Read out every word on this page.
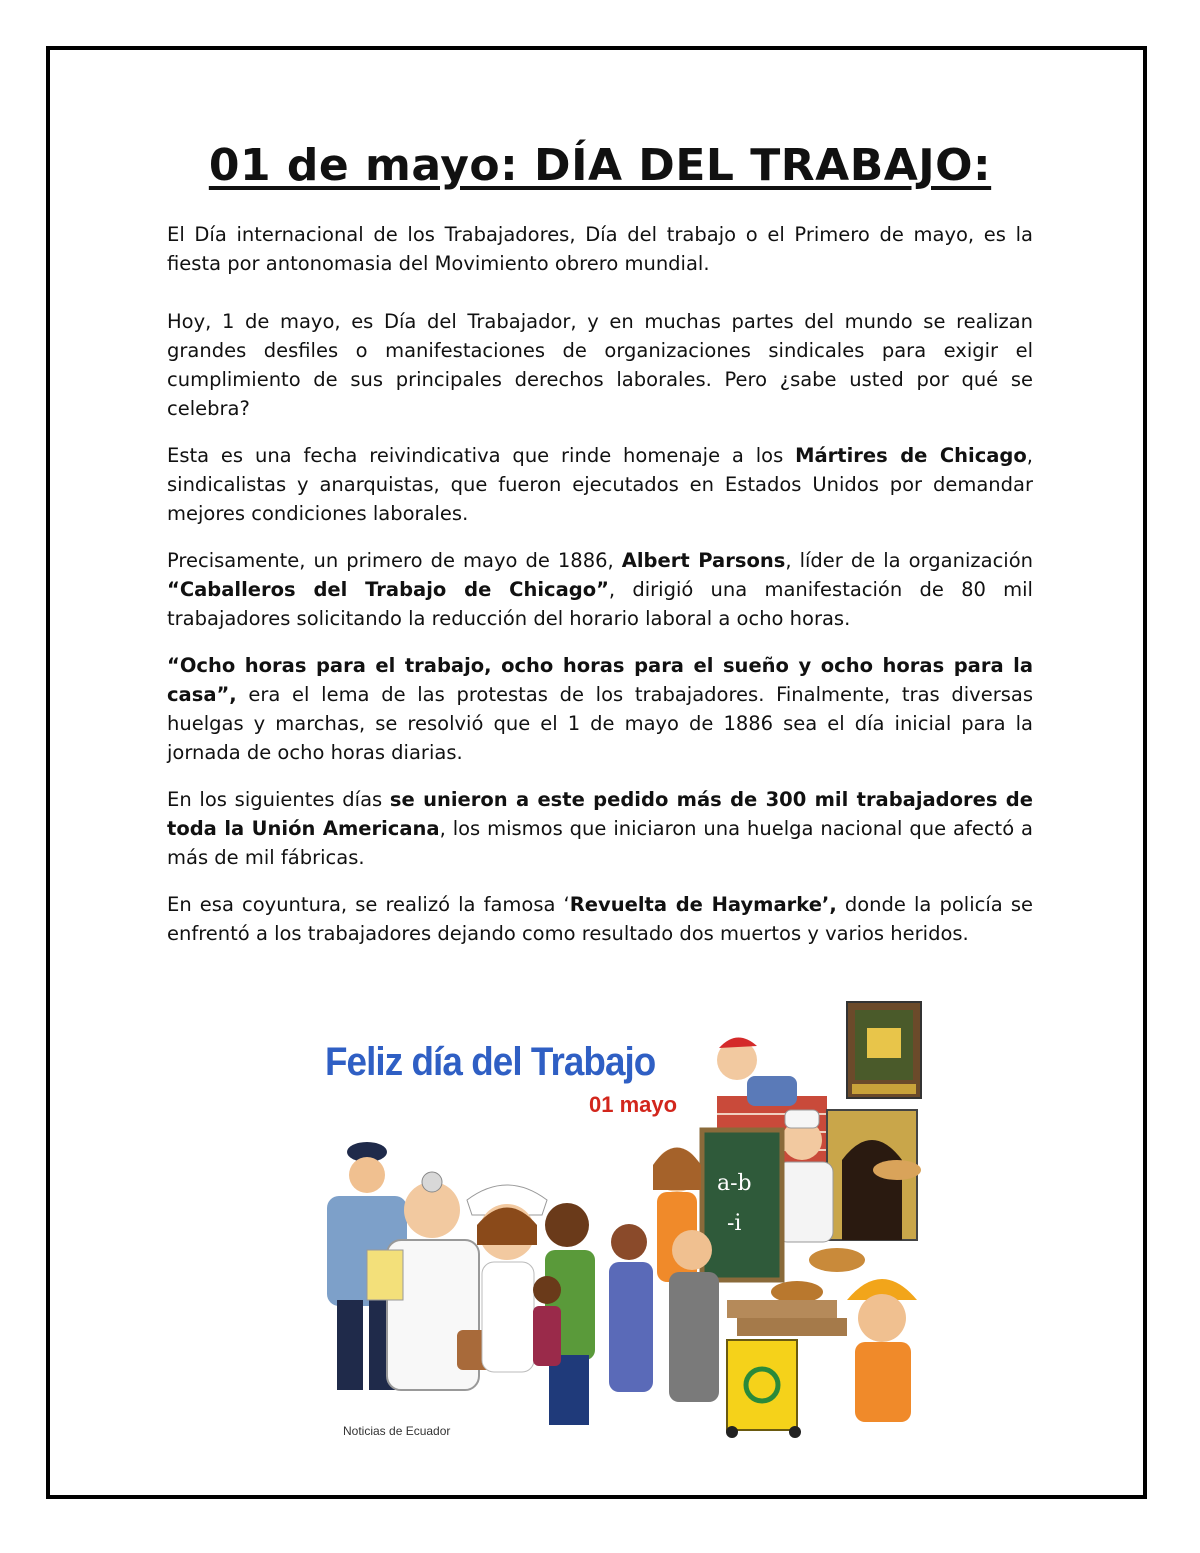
01 de mayo: DÍA DEL TRABAJO:

El Día internacional de los Trabajadores, Día del trabajo o el Primero de mayo, es la fiesta por antonomasia del Movimiento obrero mundial.

Hoy, 1 de mayo, es Día del Trabajador, y en muchas partes del mundo se realizan grandes desfiles o manifestaciones de organizaciones sindicales para exigir el cumplimiento de sus principales derechos laborales. Pero ¿sabe usted por qué se celebra?

Esta es una fecha reivindicativa que rinde homenaje a los Mártires de Chicago, sindicalistas y anarquistas, que fueron ejecutados en Estados Unidos por demandar mejores condiciones laborales.

Precisamente, un primero de mayo de 1886, Albert Parsons, líder de la organización “Caballeros del Trabajo de Chicago”, dirigió una manifestación de 80 mil trabajadores solicitando la reducción del horario laboral a ocho horas.

“Ocho horas para el trabajo, ocho horas para el sueño y ocho horas para la casa”, era el lema de las protestas de los trabajadores. Finalmente, tras diversas huelgas y marchas, se resolvió que el 1 de mayo de 1886 sea el día inicial para la jornada de ocho horas diarias.

En los siguientes días se unieron a este pedido más de 300 mil trabajadores de toda la Unión Americana, los mismos que iniciaron una huelga nacional que afectó a más de mil fábricas.

En esa coyuntura, se realizó la famosa ‘Revuelta de Haymarke’, donde la policía se enfrentó a los trabajadores dejando como resultado dos muertos y varios heridos.

a-b
-i
Feliz día del Trabajo
01 mayo
Noticias de Ecuador
